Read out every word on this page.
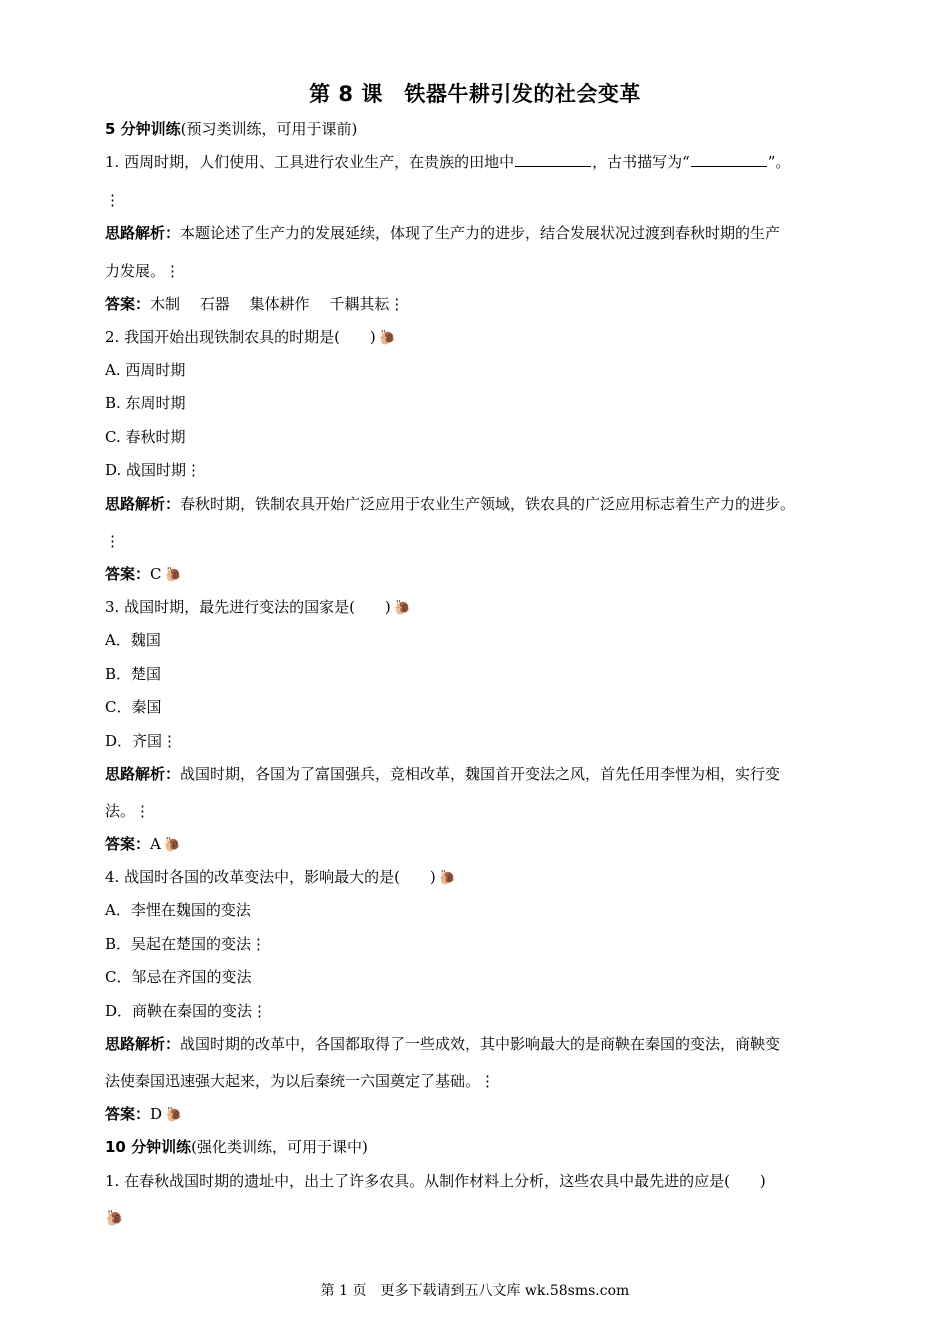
第 8 课　铁器牛耕引发的社会变革
5 分钟训练(预习类训练，可用于课前)
1. 西周时期，人们使用、工具进行农业生产，在贵族的田地中	，古书描写为“	”。
⋮
思路解析：本题论述了生产力的发展延续，体现了生产力的进步，结合发展状况过渡到春秋时期的生产
力发展。⋮
答案：木制　 石器　 集体耕作　 千耦其耘⋮
2. 我国开始出现铁制农具的时期是(　　) 🐌
A. 西周时期
B. 东周时期
C. 春秋时期
D. 战国时期⋮
思路解析：春秋时期，铁制农具开始广泛应用于农业生产领域，铁农具的广泛应用标志着生产力的进步。
⋮
答案：C 🐌
3. 战国时期，最先进行变法的国家是(　　) 🐌
A．魏国
B．楚国
C．秦国
D．齐国⋮
思路解析：战国时期，各国为了富国强兵，竞相改革，魏国首开变法之风，首先任用李悝为相，实行变
法。⋮
答案：A 🐌
4. 战国时各国的改革变法中，影响最大的是(　　) 🐌
A．李悝在魏国的变法
B．吴起在楚国的变法⋮
C．邹忌在齐国的变法
D．商鞅在秦国的变法⋮
思路解析：战国时期的改革中，各国都取得了一些成效，其中影响最大的是商鞅在秦国的变法，商鞅变
法使秦国迅速强大起来，为以后秦统一六国奠定了基础。⋮
答案：D 🐌
10 分钟训练(强化类训练，可用于课中)
1. 在春秋战国时期的遗址中，出土了许多农具。从制作材料上分析，这些农具中最先进的应是(　　)
🐌
第 1 页 更多下载请到五八文库 wk.58sms.com
